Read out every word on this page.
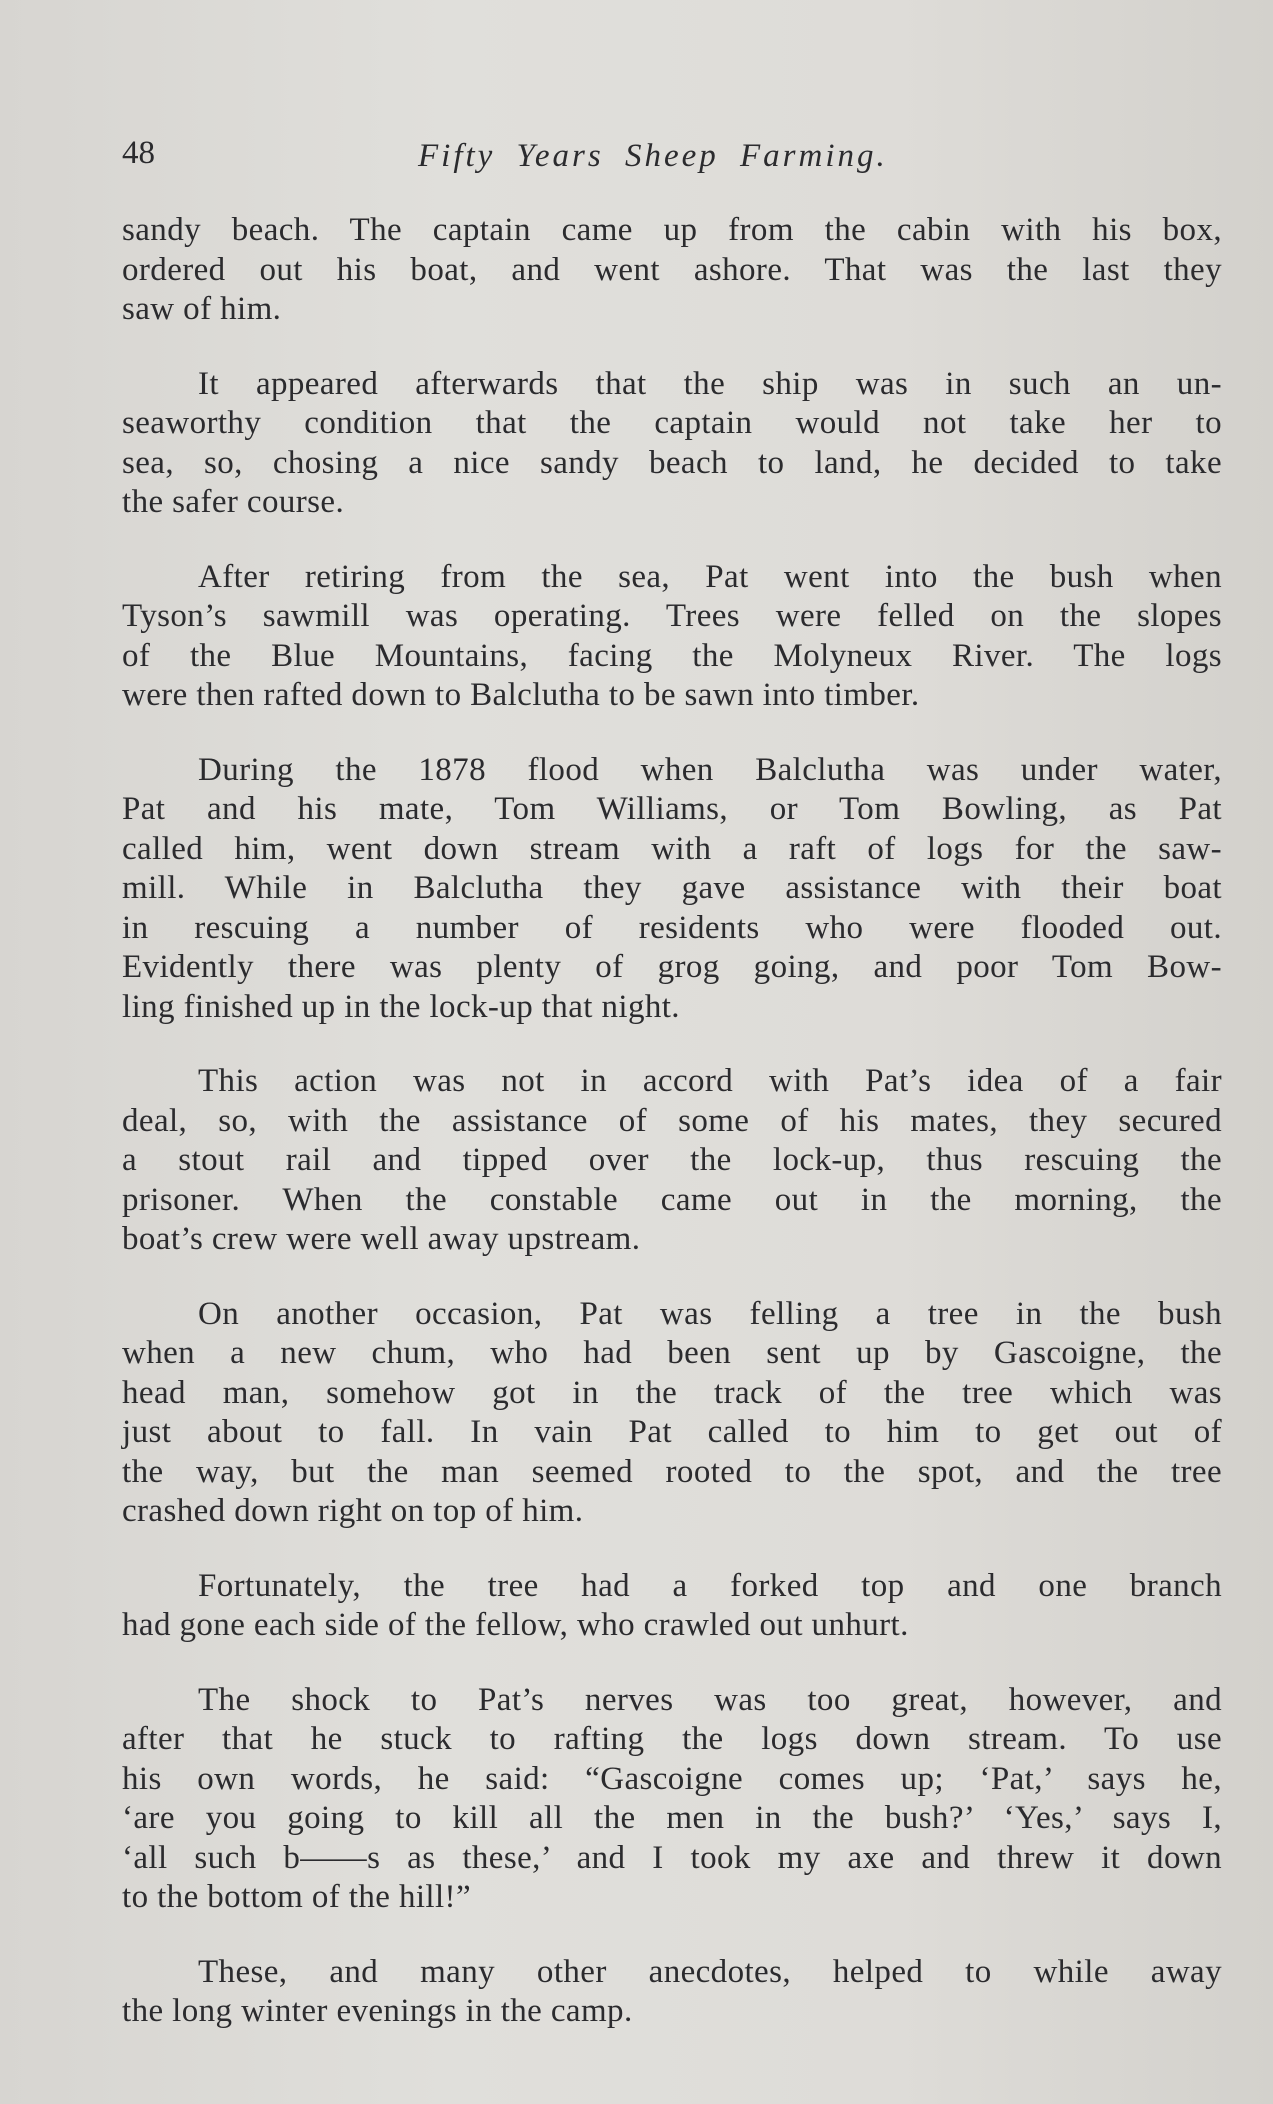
48	Fifty Years Sheep Farming.

sandy beach. The captain came up from the cabin with his box,
ordered out his boat, and went ashore. That was the last they
saw of him.

It appeared afterwards that the ship was in such an un-
seaworthy condition that the captain would not take her to
sea, so, chosing a nice sandy beach to land, he decided to take
the safer course.

After retiring from the sea, Pat went into the bush when
Tyson’s sawmill was operating. Trees were felled on the slopes
of the Blue Mountains, facing the Molyneux River. The logs
were then rafted down to Balclutha to be sawn into timber.

During the 1878 flood when Balclutha was under water,
Pat and his mate, Tom Williams, or Tom Bowling, as Pat
called him, went down stream with a raft of logs for the saw-
mill. While in Balclutha they gave assistance with their boat
in rescuing a number of residents who were flooded out.
Evidently there was plenty of grog going, and poor Tom Bow-
ling finished up in the lock-up that night.

This action was not in accord with Pat’s idea of a fair
deal, so, with the assistance of some of his mates, they secured
a stout rail and tipped over the lock-up, thus rescuing the
prisoner. When the constable came out in the morning, the
boat’s crew were well away upstream.

On another occasion, Pat was felling a tree in the bush
when a new chum, who had been sent up by Gascoigne, the
head man, somehow got in the track of the tree which was
just about to fall. In vain Pat called to him to get out of
the way, but the man seemed rooted to the spot, and the tree
crashed down right on top of him.

Fortunately, the tree had a forked top and one branch
had gone each side of the fellow, who crawled out unhurt.

The shock to Pat’s nerves was too great, however, and
after that he stuck to rafting the logs down stream. To use
his own words, he said: “Gascoigne comes up; ‘Pat,’ says he,
‘are you going to kill all the men in the bush?’ ‘Yes,’ says I,
‘all such b——s as these,’ and I took my axe and threw it down
to the bottom of the hill!”

These, and many other anecdotes, helped to while away
the long winter evenings in the camp.
